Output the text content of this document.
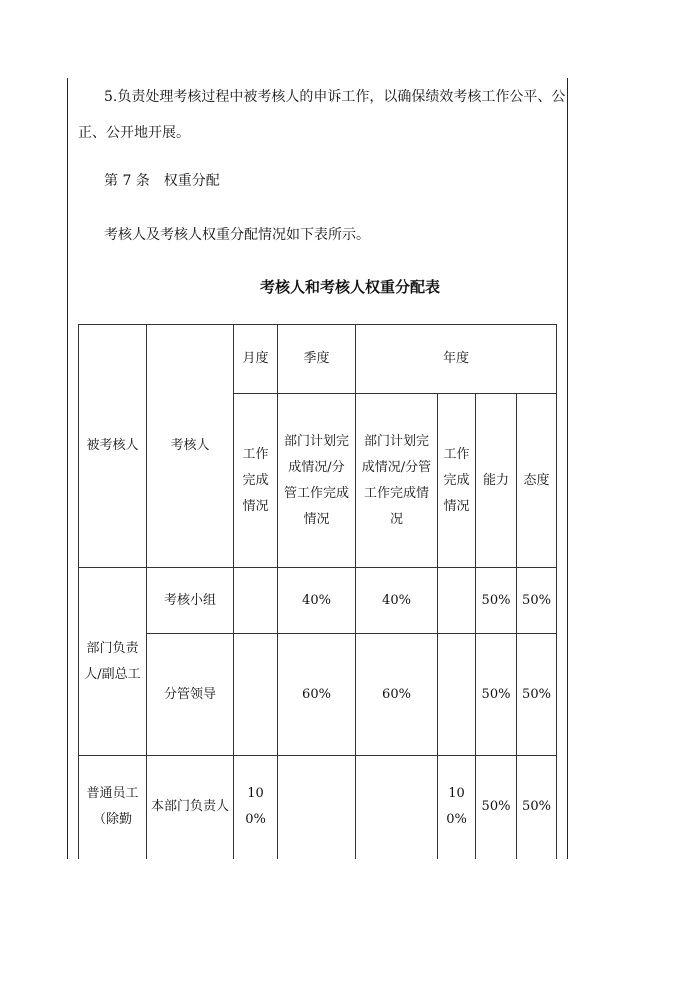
5.负责处理考核过程中被考核人的申诉工作，以确保绩效考核工作公平、公
正、公开地开展。
第 7 条　权重分配
考核人及考核人权重分配情况如下表所示。
考核人和考核人权重分配表
被考核人	考核人	月度	季度	年度			
		工作完成情况	部门计划完成情况/分管工作完成情况	部门计划完成情况/分管工作完成情况	工作完成情况	能力	态度
部门负责人/副总工	考核小组		40%	40%		50%	50%
	分管领导		60%	60%		50%	50%
普通员工（除勤	本部门负责人	100%			100%	50%	50%
